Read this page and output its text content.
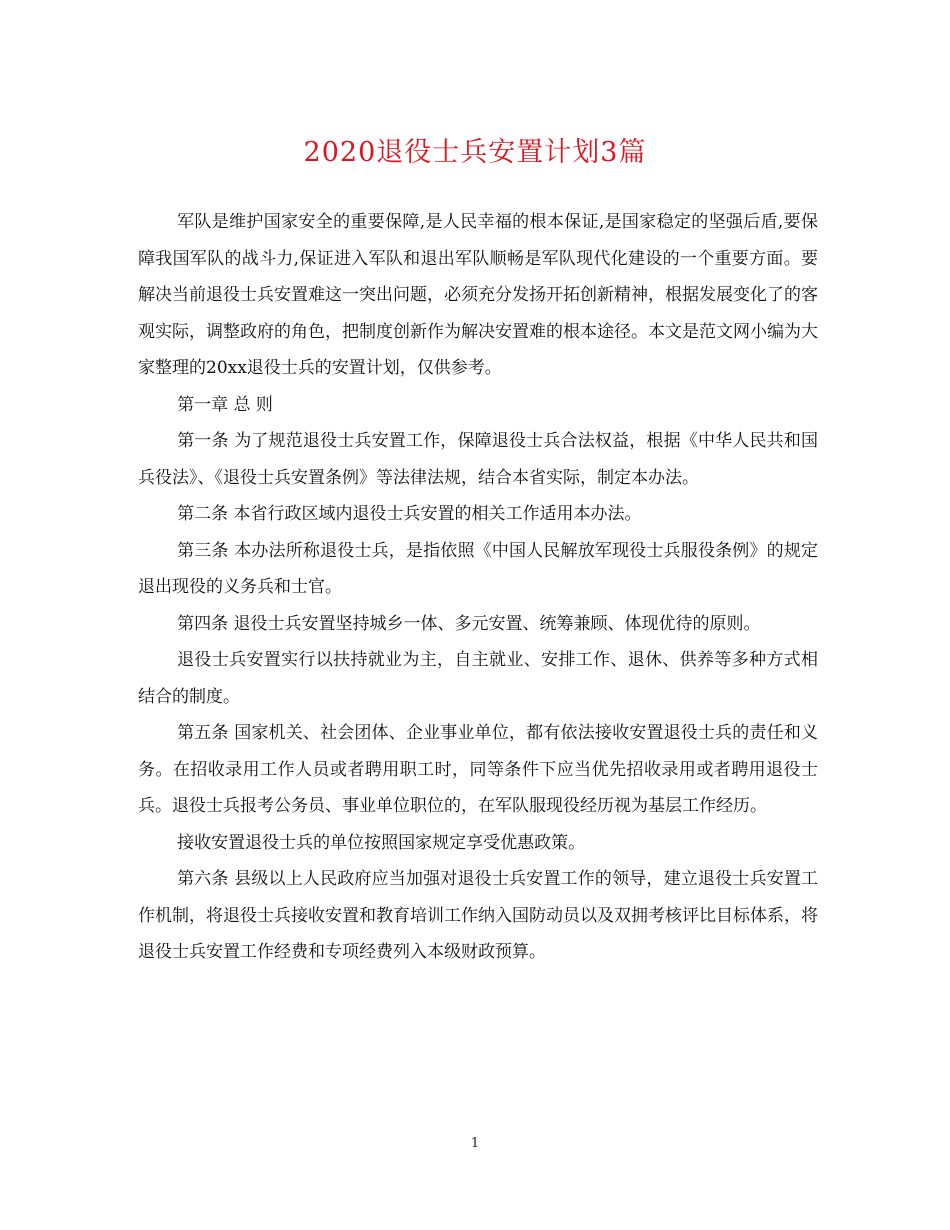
2020退役士兵安置计划3篇

军队是维护国家安全的重要保障,是人民幸福的根本保证,是国家稳定的坚强后盾,要保障我国军队的战斗力,保证进入军队和退出军队顺畅是军队现代化建设的一个重要方面。要解决当前退役士兵安置难这一突出问题，必须充分发扬开拓创新精神，根据发展变化了的客观实际，调整政府的角色，把制度创新作为解决安置难的根本途径。本文是范文网小编为大家整理的20xx退役士兵的安置计划，仅供参考。

第一章 总 则

第一条 为了规范退役士兵安置工作，保障退役士兵合法权益，根据《中华人民共和国兵役法》、《退役士兵安置条例》等法律法规，结合本省实际，制定本办法。

第二条 本省行政区域内退役士兵安置的相关工作适用本办法。

第三条 本办法所称退役士兵，是指依照《中国人民解放军现役士兵服役条例》的规定退出现役的义务兵和士官。

第四条 退役士兵安置坚持城乡一体、多元安置、统筹兼顾、体现优待的原则。

退役士兵安置实行以扶持就业为主，自主就业、安排工作、退休、供养等多种方式相结合的制度。

第五条 国家机关、社会团体、企业事业单位，都有依法接收安置退役士兵的责任和义务。在招收录用工作人员或者聘用职工时，同等条件下应当优先招收录用或者聘用退役士兵。退役士兵报考公务员、事业单位职位的，在军队服现役经历视为基层工作经历。

接收安置退役士兵的单位按照国家规定享受优惠政策。

第六条 县级以上人民政府应当加强对退役士兵安置工作的领导，建立退役士兵安置工作机制，将退役士兵接收安置和教育培训工作纳入国防动员以及双拥考核评比目标体系，将退役士兵安置工作经费和专项经费列入本级财政预算。

1
